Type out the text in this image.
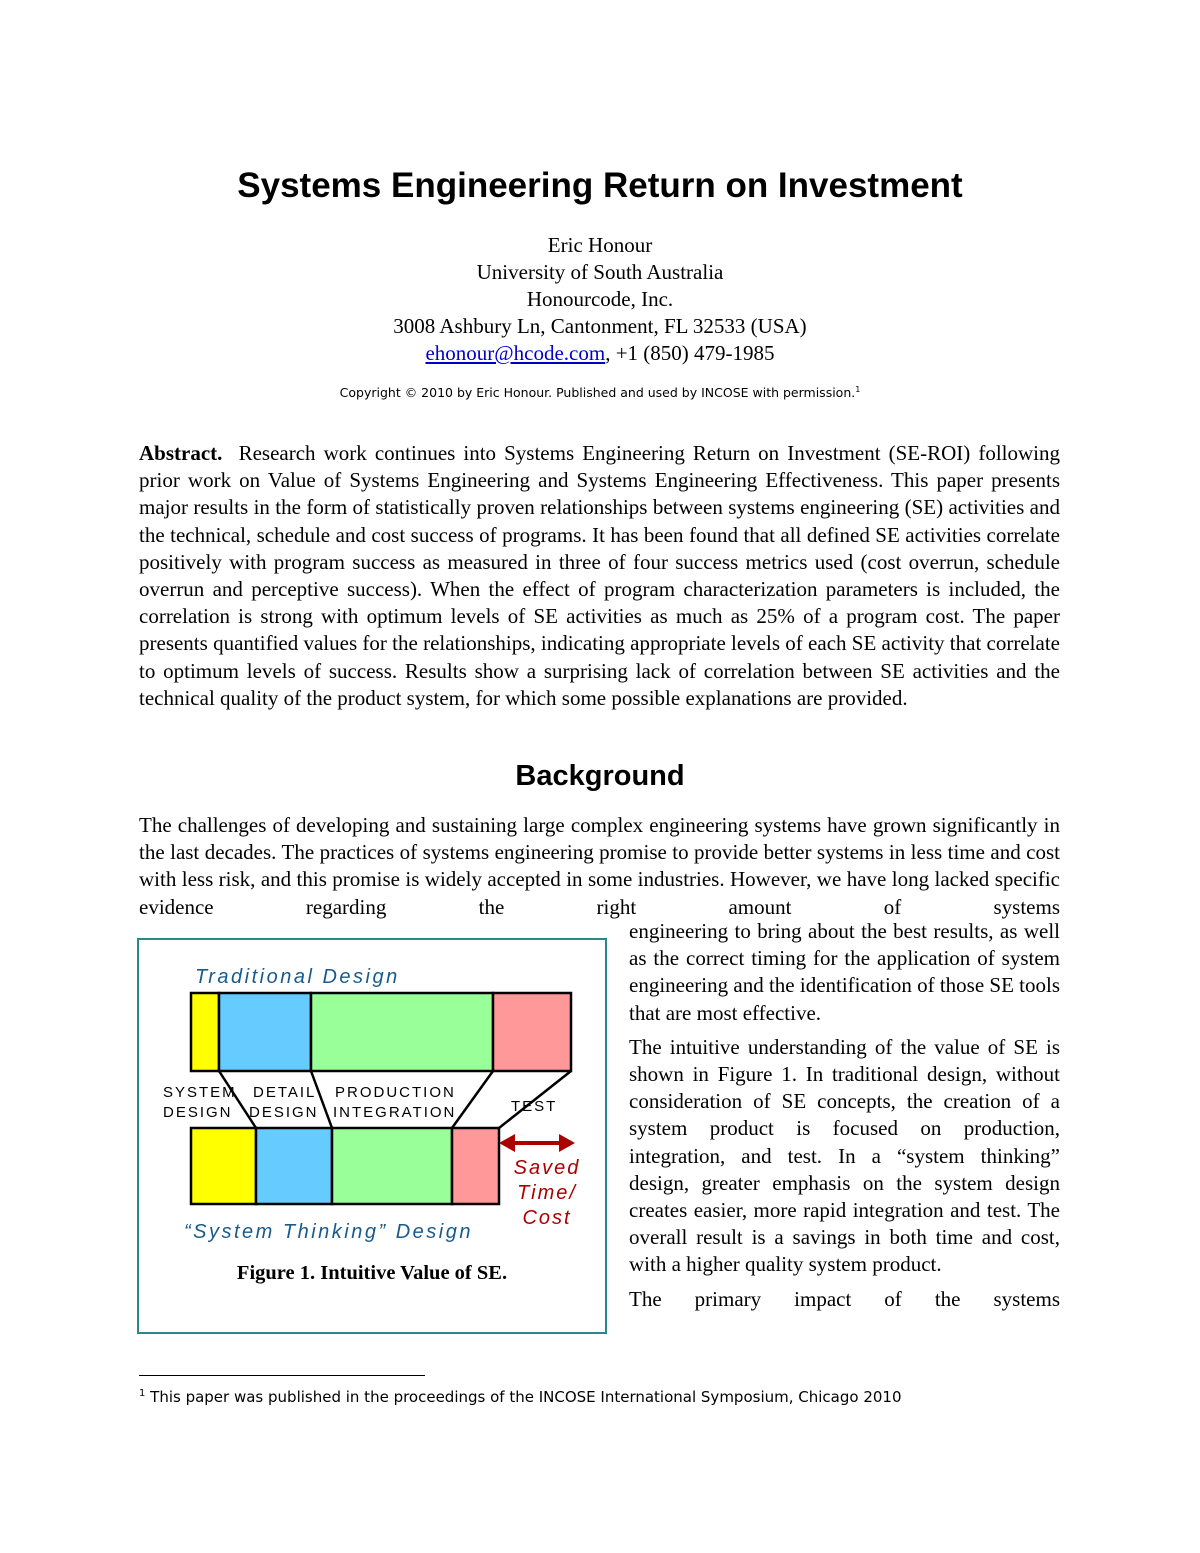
Systems Engineering Return on Investment
Eric Honour
University of South Australia
Honourcode, Inc.
3008 Ashbury Ln, Cantonment, FL 32533 (USA)
ehonour@hcode.com, +1 (850) 479-1985
Copyright © 2010 by Eric Honour. Published and used by INCOSE with permission.$^1$

Abstract. Research work continues into Systems Engineering Return on Investment (SE-ROI) following prior work on Value of Systems Engineering and Systems Engineering Effectiveness. This paper presents major results in the form of statistically proven relationships between systems engineering (SE) activities and the technical, schedule and cost success of programs. It has been found that all defined SE activities correlate positively with program success as measured in three of four success metrics used (cost overrun, schedule overrun and perceptive success). When the effect of program characterization parameters is included, the correlation is strong with optimum levels of SE activities as much as 25% of a program cost. The paper presents quantified values for the relationships, indicating appropriate levels of each SE activity that correlate to optimum levels of success. Results show a surprising lack of correlation between SE activities and the technical quality of the product system, for which some possible explanations are provided.

Background

The challenges of developing and sustaining large complex engineering systems have grown significantly in the last decades. The practices of systems engineering promise to provide better systems in less time and cost with less risk, and this promise is widely accepted in some industries. However, we have long lacked specific evidence regarding the right amount of systems

SYSTEM
DESIGN
DETAIL
DESIGN
PRODUCTION
INTEGRATION	TEST
Traditional Design
“System Thinking” Design
Saved
Time/
Cost
Figure 1. Intuitive Value of SE.

engineering to bring about the best results, as well as the correct timing for the application of system engineering and the identification of those SE tools that are most effective.

The intuitive understanding of the value of SE is shown in Figure 1. In traditional design, without consideration of SE concepts, the creation of a system product is focused on production, integration, and test. In a “system thinking” design, greater emphasis on the system design creates easier, more rapid integration and test. The overall result is a savings in both time and cost, with a higher quality system product.

The primary impact of the systems

$^1$ This paper was published in the proceedings of the INCOSE International Symposium, Chicago 2010
